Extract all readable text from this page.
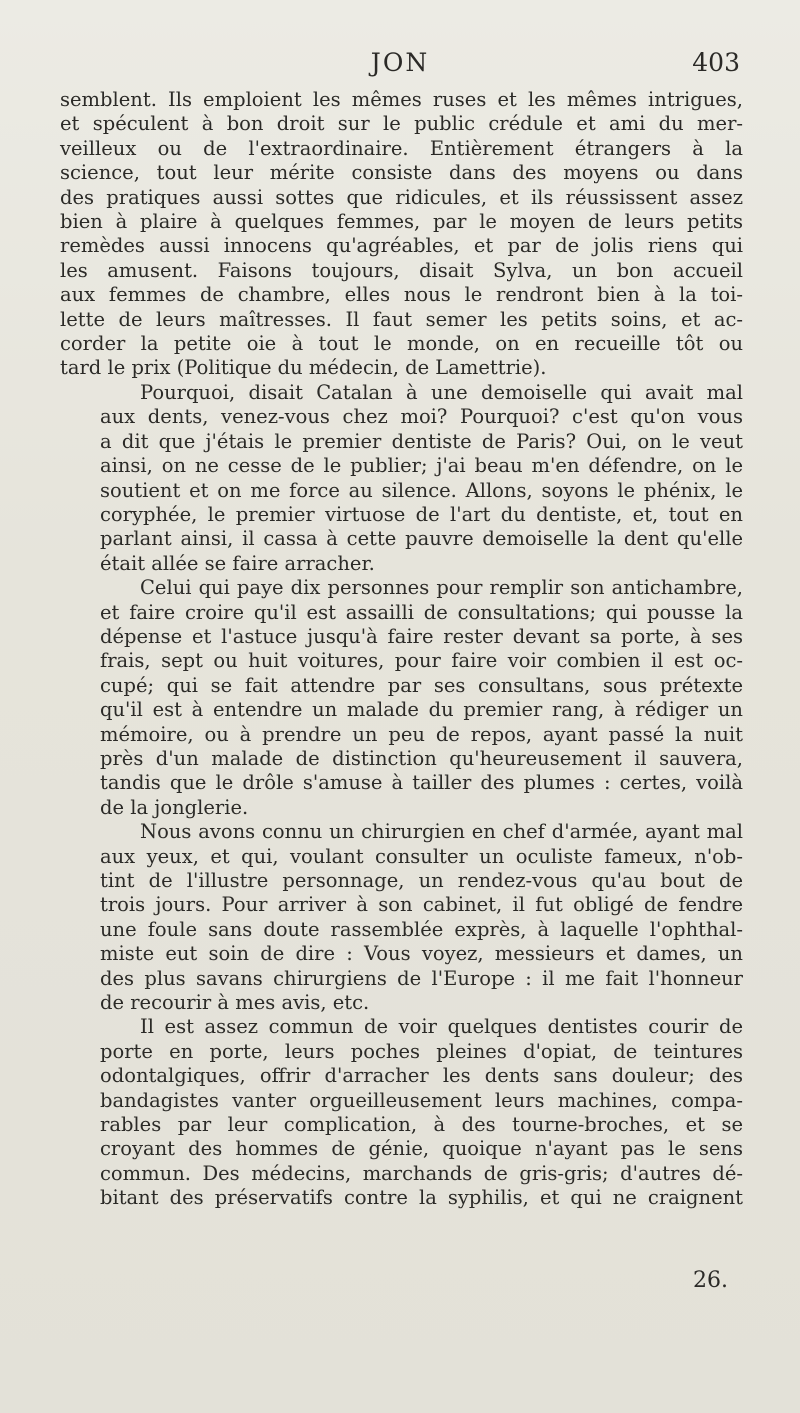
JON	403
semblent. Ils emploient les mêmes ruses et les mêmes intrigues,
et spéculent à bon droit sur le public crédule et ami du mer-
veilleux ou de l'extraordinaire. Entièrement étrangers à la
science, tout leur mérite consiste dans des moyens ou dans
des pratiques aussi sottes que ridicules, et ils réussissent assez
bien à plaire à quelques femmes, par le moyen de leurs petits
remèdes aussi innocens qu'agréables, et par de jolis riens qui
les amusent. Faisons toujours, disait Sylva, un bon accueil
aux femmes de chambre, elles nous le rendront bien à la toi-
lette de leurs maîtresses. Il faut semer les petits soins, et ac-
corder la petite oie à tout le monde, on en recueille tôt ou
tard le prix (Politique du médecin, de Lamettrie).
Pourquoi, disait Catalan à une demoiselle qui avait mal
aux dents, venez-vous chez moi? Pourquoi? c'est qu'on vous
a dit que j'étais le premier dentiste de Paris? Oui, on le veut
ainsi, on ne cesse de le publier; j'ai beau m'en défendre, on le
soutient et on me force au silence. Allons, soyons le phénix, le
coryphée, le premier virtuose de l'art du dentiste, et, tout en
parlant ainsi, il cassa à cette pauvre demoiselle la dent qu'elle
était allée se faire arracher.
Celui qui paye dix personnes pour remplir son antichambre,
et faire croire qu'il est assailli de consultations; qui pousse la
dépense et l'astuce jusqu'à faire rester devant sa porte, à ses
frais, sept ou huit voitures, pour faire voir combien il est oc-
cupé; qui se fait attendre par ses consultans, sous prétexte
qu'il est à entendre un malade du premier rang, à rédiger un
mémoire, ou à prendre un peu de repos, ayant passé la nuit
près d'un malade de distinction qu'heureusement il sauvera,
tandis que le drôle s'amuse à tailler des plumes : certes, voilà
de la jonglerie.
Nous avons connu un chirurgien en chef d'armée, ayant mal
aux yeux, et qui, voulant consulter un oculiste fameux, n'ob-
tint de l'illustre personnage, un rendez-vous qu'au bout de
trois jours. Pour arriver à son cabinet, il fut obligé de fendre
une foule sans doute rassemblée exprès, à laquelle l'ophthal-
miste eut soin de dire : Vous voyez, messieurs et dames, un
des plus savans chirurgiens de l'Europe : il me fait l'honneur
de recourir à mes avis, etc.
Il est assez commun de voir quelques dentistes courir de
porte en porte, leurs poches pleines d'opiat, de teintures
odontalgiques, offrir d'arracher les dents sans douleur; des
bandagistes vanter orgueilleusement leurs machines, compa-
rables par leur complication, à des tourne-broches, et se
croyant des hommes de génie, quoique n'ayant pas le sens
commun. Des médecins, marchands de gris-gris; d'autres dé-
bitant des préservatifs contre la syphilis, et qui ne craignent
26.
